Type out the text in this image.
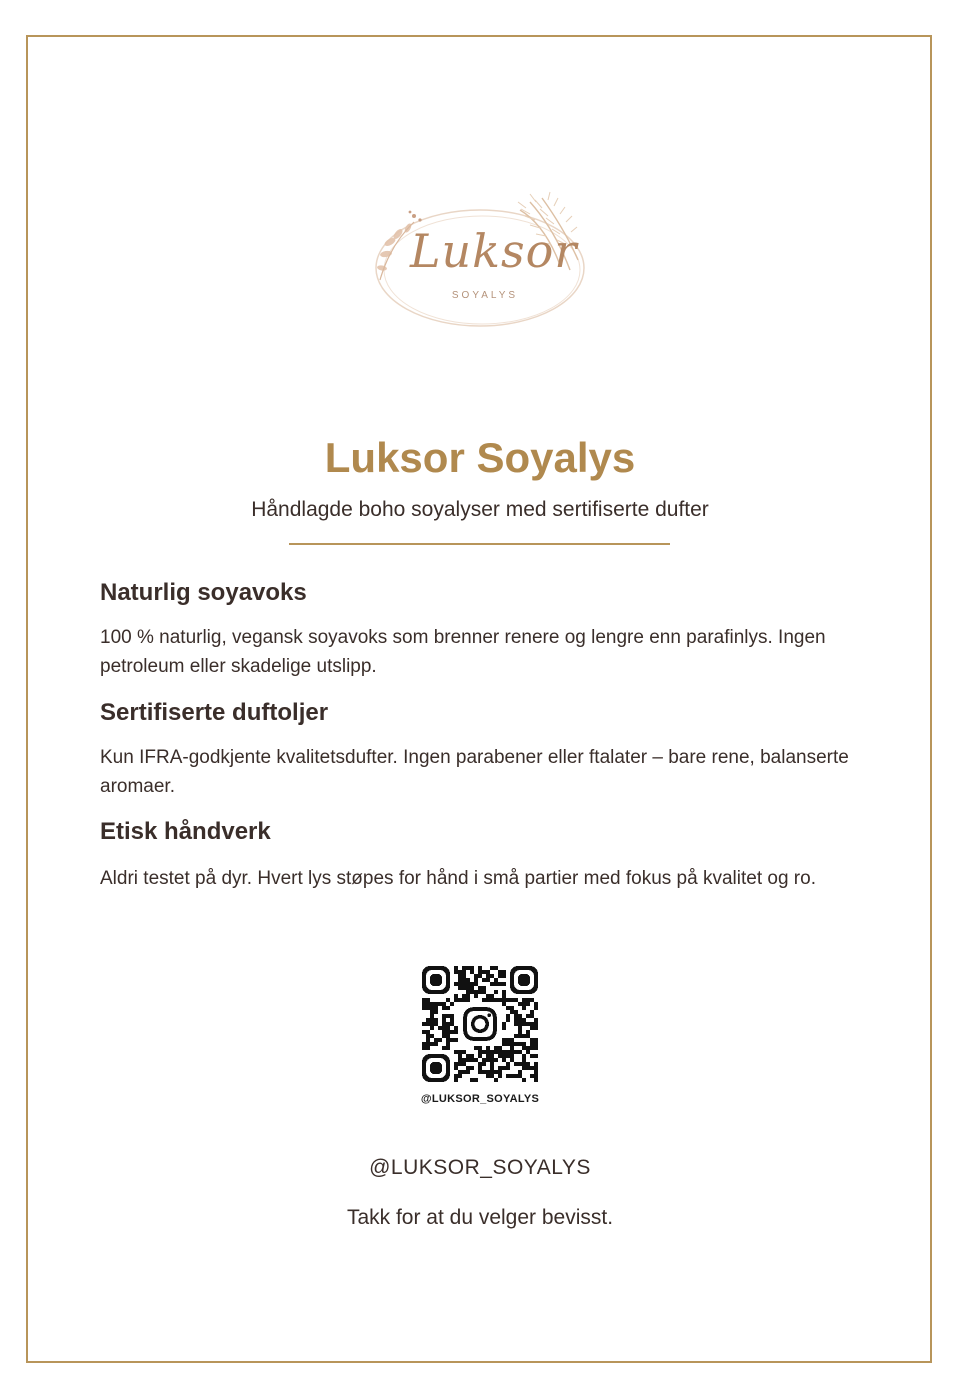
Luksor
SOYALYS
Luksor Soyalys
Håndlagde boho soyalyser med sertifiserte dufter
Naturlig soyavoks
100 % naturlig, vegansk soyavoks som brenner renere og lengre enn parafinlys. Ingen petroleum eller skadelige utslipp.
Sertifiserte duftoljer
Kun IFRA-godkjente kvalitetsdufter. Ingen parabener eller ftalater – bare rene, balanserte aromaer.
Etisk håndverk
Aldri testet på dyr. Hvert lys støpes for hånd i små partier med fokus på kvalitet og ro.
@LUKSOR_SOYALYS
@LUKSOR_SOYALYS
Takk for at du velger bevisst.
